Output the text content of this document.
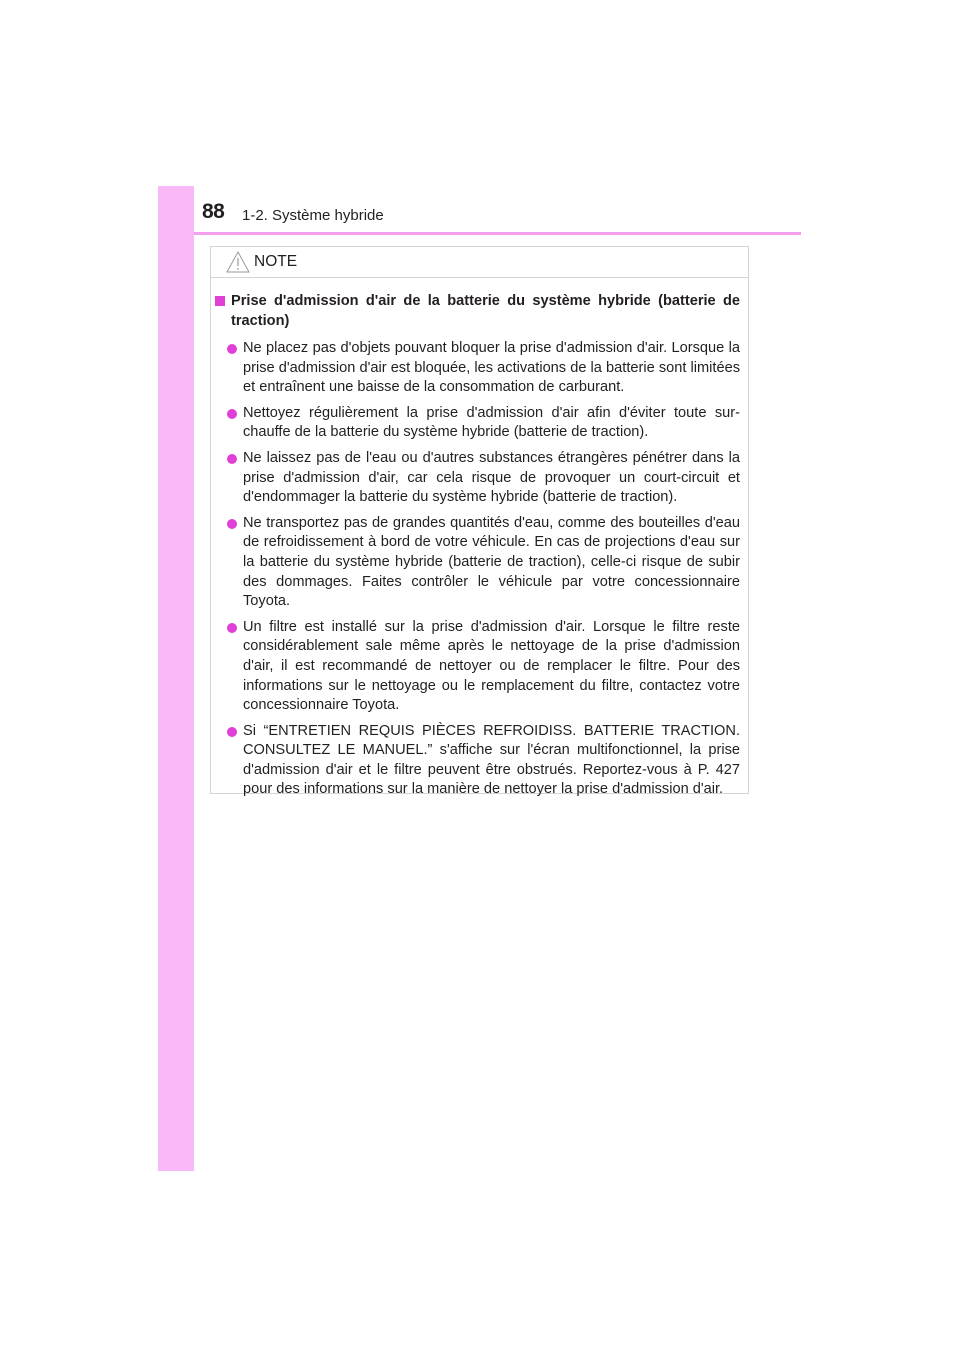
88 1-2. Système hybride
NOTE
Prise d'admission d'air de la batterie du système hybride (batterie de traction)
Ne placez pas d'objets pouvant bloquer la prise d'admission d'air. Lorsque la prise d'admission d'air est bloquée, les activations de la batterie sont limitées et entraînent une baisse de la consommation de carburant.
Nettoyez régulièrement la prise d'admission d'air afin d'éviter toute sur-chauffe de la batterie du système hybride (batterie de traction).
Ne laissez pas de l'eau ou d'autres substances étrangères pénétrer dans la prise d'admission d'air, car cela risque de provoquer un court-circuit et d'endommager la batterie du système hybride (batterie de traction).
Ne transportez pas de grandes quantités d'eau, comme des bouteilles d'eau de refroidissement à bord de votre véhicule. En cas de projections d'eau sur la batterie du système hybride (batterie de traction), celle-ci risque de subir des dommages. Faites contrôler le véhicule par votre concessionnaire Toyota.
Un filtre est installé sur la prise d'admission d'air. Lorsque le filtre reste considérablement sale même après le nettoyage de la prise d'admission d'air, il est recommandé de nettoyer ou de remplacer le filtre. Pour des informations sur le nettoyage ou le remplacement du filtre, contactez votre concessionnaire Toyota.
Si “ENTRETIEN REQUIS PIÈCES REFROIDISS. BATTERIE TRACTION. CONSULTEZ LE MANUEL.” s'affiche sur l'écran multifonctionnel, la prise d'admission d'air et le filtre peuvent être obstrués. Reportez-vous à P. 427 pour des informations sur la manière de nettoyer la prise d'admission d'air.
